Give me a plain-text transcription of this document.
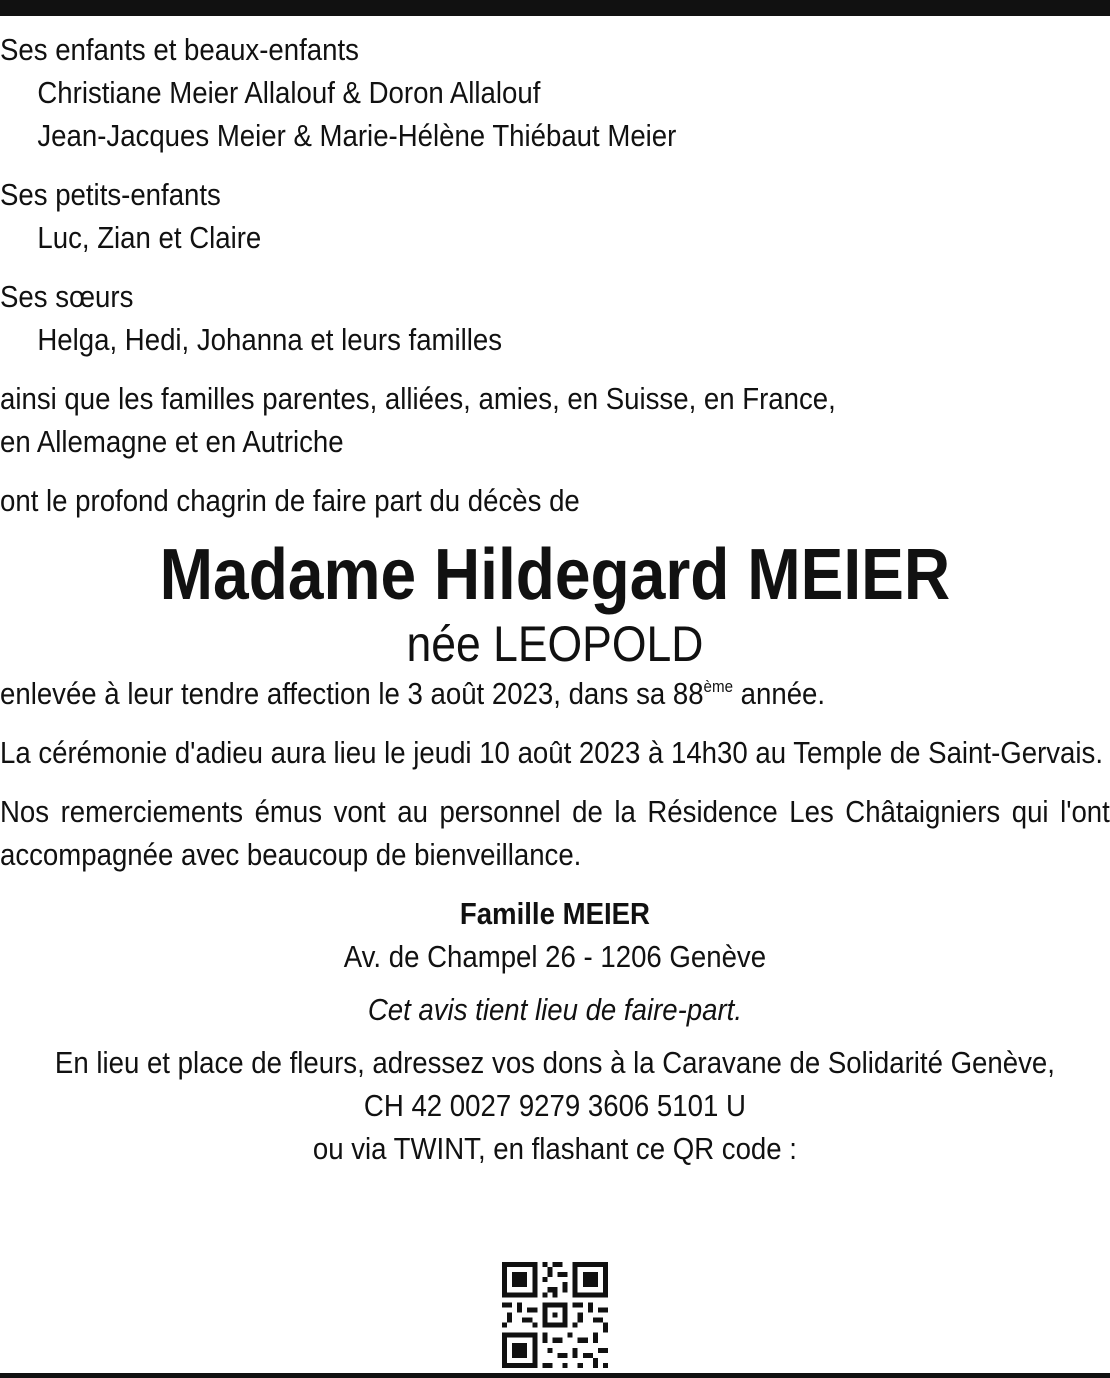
Ses enfants et beaux-enfants

Christiane Meier Allalouf & Doron Allalouf
Jean-Jacques Meier & Marie-Hélène Thiébaut Meier

Ses petits-enfants

Luc, Zian et Claire

Ses sœurs

Helga, Hedi, Johanna et leurs familles

ainsi que les familles parentes, alliées, amies, en Suisse, en France,

en Allemagne et en Autriche

ont le profond chagrin de faire part du décès de

Madame Hildegard MEIER

née LEOPOLD

enlevée à leur tendre affection le 3 août 2023, dans sa 88ème année.

La cérémonie d'adieu aura lieu le jeudi 10 août 2023 à 14h30 au Temple de Saint-Gervais.

Nos remerciements émus vont au personnel de la Résidence Les Châtaigniers qui l'ont accompagnée avec beaucoup de bienveillance.

Famille MEIER

Av. de Champel 26 - 1206 Genève

Cet avis tient lieu de faire-part.

En lieu et place de fleurs, adressez vos dons à la Caravane de Solidarité Genève,

CH 42 0027 9279 3606 5101 U

ou via TWINT, en flashant ce QR code :
